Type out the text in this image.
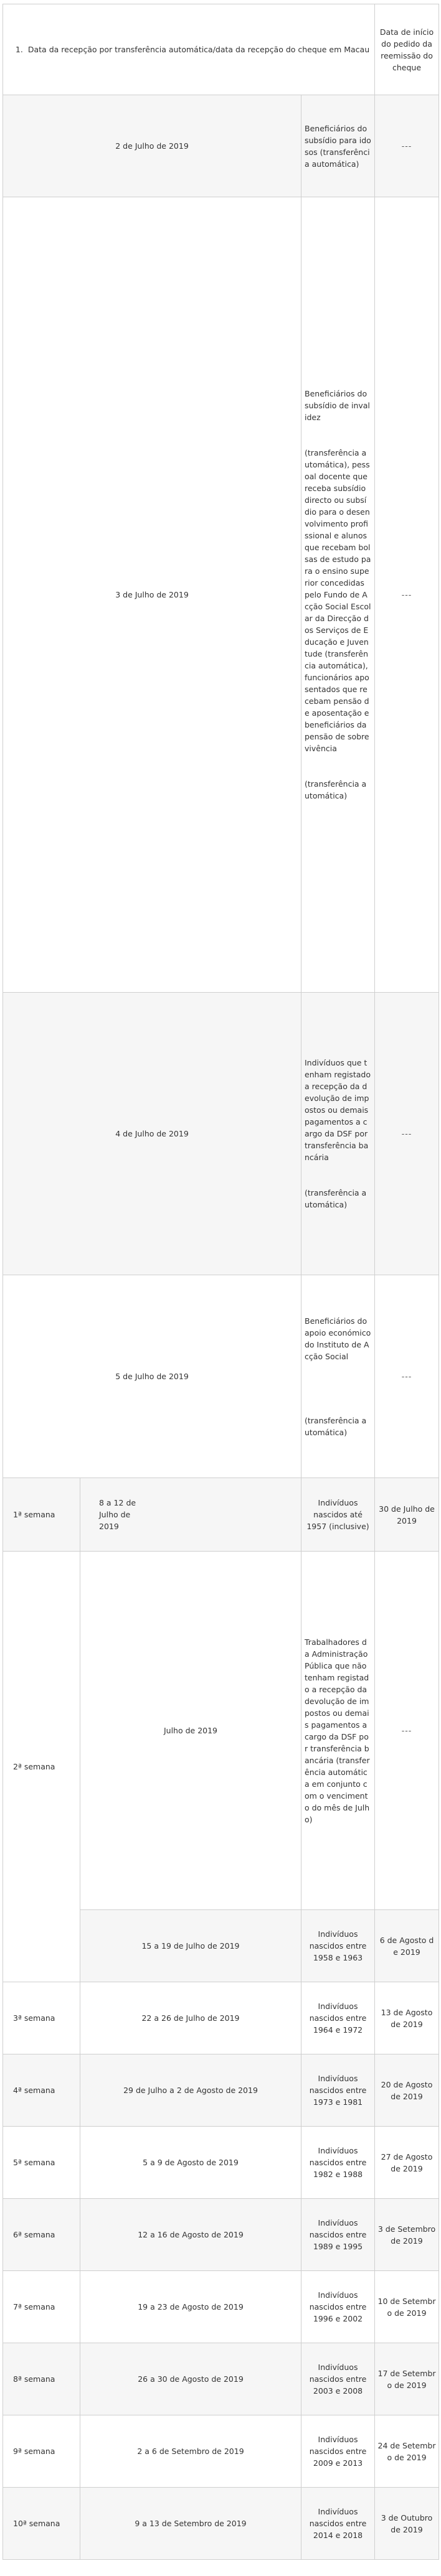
1. Data da recepção por transferência automática/data da recepção do cheque em Macau			Data de início do pedido da reemissão do cheque
2 de Julho de 2019		Beneficiários do subsídio para idosos (transferência automática)	---
3 de Julho de 2019		Beneficiários do subsídio de invalidez
(transferência automática), pessoal docente que receba subsídio directo ou subsídio para o desenvolvimento profissional e alunos que recebam bolsas de estudo para o ensino superior concedidas pelo Fundo de Acção Social Escolar da Direcção dos Serviços de Educação e Juventude (transferência automática), funcionários aposentados que recebam pensão de aposentação e beneficiários da pensão de sobrevivência
(transferência automática)	---
4 de Julho de 2019		Indivíduos que tenham registado a recepção da devolução de impostos ou demais pagamentos a cargo da DSF por transferência bancária
(transferência automática)	---
5 de Julho de 2019		Beneficiários do apoio económico do Instituto de Acção Social
(transferência automática)	---
1ª semana	8 a 12 de Julho de 2019	Indivíduos nascidos até 1957 (inclusive)	30 de Julho de 2019
2ª semana	Julho de 2019	Trabalhadores da Administração Pública que não tenham registado a recepção da devolução de impostos ou demais pagamentos a cargo da DSF por transferência bancária (transferência automática em conjunto com o vencimento do mês de Julho)	---
	15 a 19 de Julho de 2019	Indivíduos nascidos entre 1958 e 1963	6 de Agosto de 2019
3ª semana	22 a 26 de Julho de 2019	Indivíduos nascidos entre 1964 e 1972	13 de Agosto de 2019
4ª semana	29 de Julho a 2 de Agosto de 2019	Indivíduos nascidos entre 1973 e 1981	20 de Agosto de 2019
5ª semana	5 a 9 de Agosto de 2019	Indivíduos nascidos entre 1982 e 1988	27 de Agosto de 2019
6ª semana	12 a 16 de Agosto de 2019	Indivíduos nascidos entre 1989 e 1995	3 de Setembro de 2019
7ª semana	19 a 23 de Agosto de 2019	Indivíduos nascidos entre 1996 e 2002	10 de Setembro de 2019
8ª semana	26 a 30 de Agosto de 2019	Indivíduos nascidos entre 2003 e 2008	17 de Setembro de 2019
9ª semana	2 a 6 de Setembro de 2019	Indivíduos nascidos entre 2009 e 2013	24 de Setembro de 2019
10ª semana	9 a 13 de Setembro de 2019	Indivíduos nascidos entre 2014 e 2018	3 de Outubro de 2019
